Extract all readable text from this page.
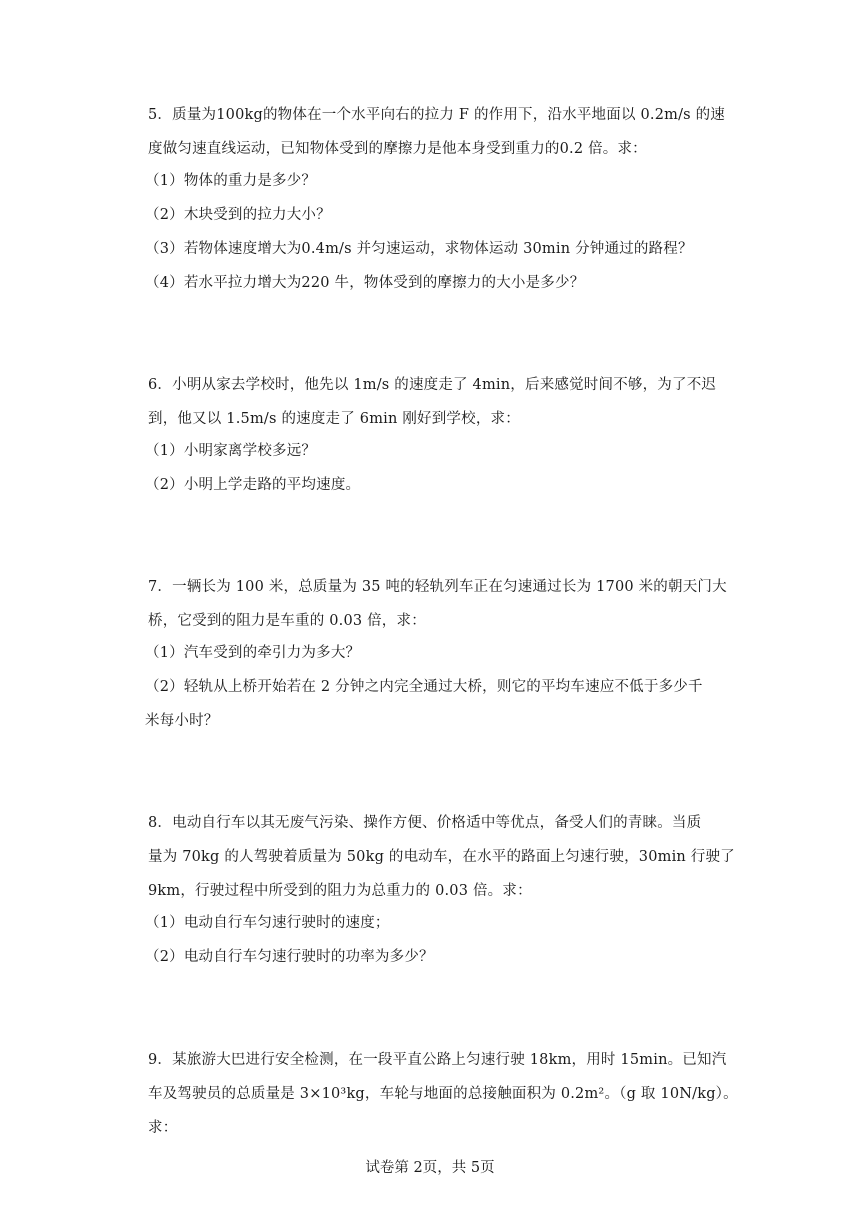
5．质量为100kg的物体在一个水平向右的拉力 F 的作用下，沿水平地面以 0.2m/s 的速
度做匀速直线运动，已知物体受到的摩擦力是他本身受到重力的0.2 倍。求：
（1）物体的重力是多少？
（2）木块受到的拉力大小？
（3）若物体速度增大为0.4m/s 并匀速运动，求物体运动 30min 分钟通过的路程？
（4）若水平拉力增大为220 牛，物体受到的摩擦力的大小是多少？
6．小明从家去学校时，他先以 1m/s 的速度走了 4min，后来感觉时间不够，为了不迟
到，他又以 1.5m/s 的速度走了 6min 刚好到学校，求：
（1）小明家离学校多远？
（2）小明上学走路的平均速度。
7．一辆长为 100 米，总质量为 35 吨的轻轨列车正在匀速通过长为 1700 米的朝天门大
桥，它受到的阻力是车重的 0.03 倍，求：
（1）汽车受到的牵引力为多大？
（2）轻轨从上桥开始若在 2 分钟之内完全通过大桥，则它的平均车速应不低于多少千
米每小时？
8．电动自行车以其无废气污染、操作方便、价格适中等优点，备受人们的青睐。当质
量为 70kg 的人驾驶着质量为 50kg 的电动车，在水平的路面上匀速行驶，30min 行驶了
9km，行驶过程中所受到的阻力为总重力的 0.03 倍。求：
（1）电动自行车匀速行驶时的速度；
（2）电动自行车匀速行驶时的功率为多少？
9．某旅游大巴进行安全检测，在一段平直公路上匀速行驶 18km，用时 15min。已知汽
车及驾驶员的总质量是 3×10³kg，车轮与地面的总接触面积为 0.2m²。（g 取 10N/kg）。
求：
试卷第 2页，共 5页
